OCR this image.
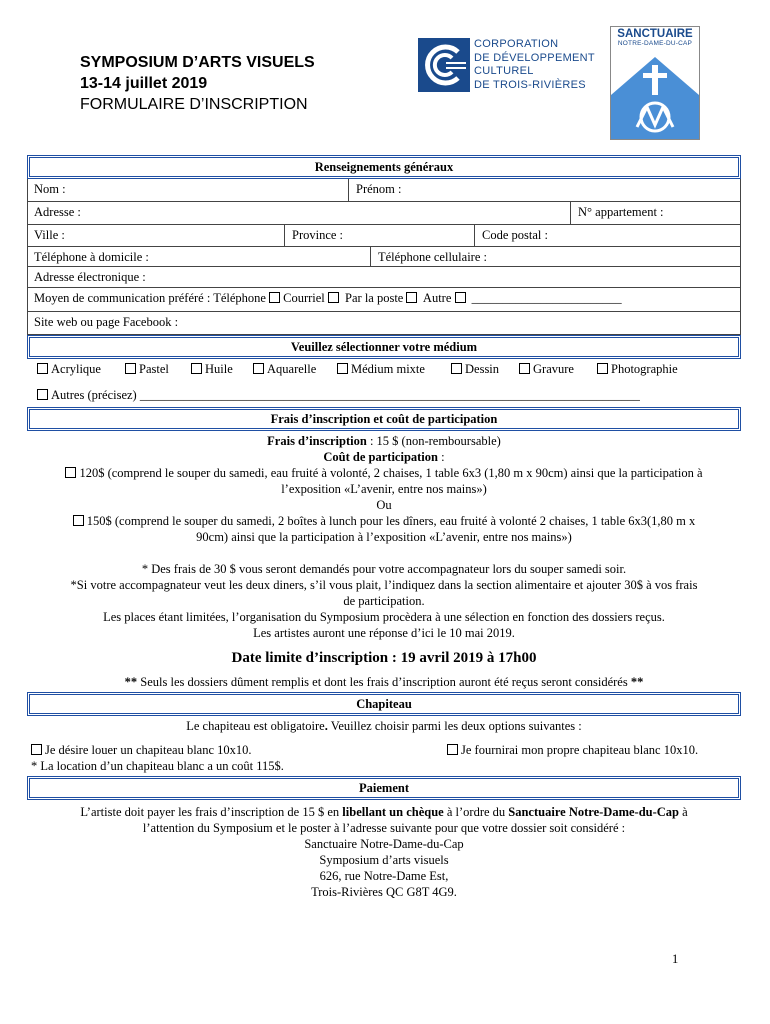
SYMPOSIUM D’ARTS VISUELS
13-14 juillet 2019
FORMULAIRE D’INSCRIPTION
CORPORATION
DE DÉVELOPPEMENT
CULTUREL
DE TROIS-RIVIÈRES
SANCTUAIRE
NOTRE-DAME-DU-CAP
Renseignements généraux
Nom :	Prénom :
Adresse :	N° appartement :
Ville :	Province :	Code postal :
Téléphone à domicile :	Téléphone cellulaire :
Adresse électronique :
Moyen de communication préféré : Téléphone Courriel Par la poste Autre ________________________
Site web ou page Facebook :
Veuillez sélectionner votre médium
Acrylique	Pastel	Huile	Aquarelle	Médium mixte	Dessin	Gravure	Photographie
Autres (précisez) ________________________________________________________________________________
Frais d’inscription et coût de participation
Frais d’inscription : 15 $ (non-remboursable)
Coût de participation :
120$ (comprend le souper du samedi, eau fruité à volonté, 2 chaises, 1 table 6x3 (1,80 m x 90cm) ainsi que la participation à
l’exposition «L’avenir, entre nos mains»)
Ou
150$ (comprend le souper du samedi, 2 boîtes à lunch pour les dîners, eau fruité à volonté 2 chaises, 1 table 6x3(1,80 m x
90cm) ainsi que la participation à l’exposition «L’avenir, entre nos mains»)
* Des frais de 30 $ vous seront demandés pour votre accompagnateur lors du souper samedi soir.
*Si votre accompagnateur veut les deux diners, s’il vous plait, l’indiquez dans la section alimentaire et ajouter 30$ à vos frais
de participation.
Les places étant limitées, l’organisation du Symposium procèdera à une sélection en fonction des dossiers reçus.
Les artistes auront une réponse d’ici le 10 mai 2019.
Date limite d’inscription : 19 avril 2019 à 17h00
** Seuls les dossiers dûment remplis et dont les frais d’inscription auront été reçus seront considérés **
Chapiteau
Le chapiteau est obligatoire. Veuillez choisir parmi les deux options suivantes :
Je désire louer un chapiteau blanc 10x10.	Je fournirai mon propre chapiteau blanc 10x10.
* La location d’un chapiteau blanc a un coût 115$.
Paiement
L’artiste doit payer les frais d’inscription de 15 $ en libellant un chèque à l’ordre du Sanctuaire Notre-Dame-du-Cap à
l’attention du Symposium et le poster à l’adresse suivante pour que votre dossier soit considéré :
Sanctuaire Notre-Dame-du-Cap
Symposium d’arts visuels
626, rue Notre-Dame Est,
Trois-Rivières QC G8T 4G9.
1
